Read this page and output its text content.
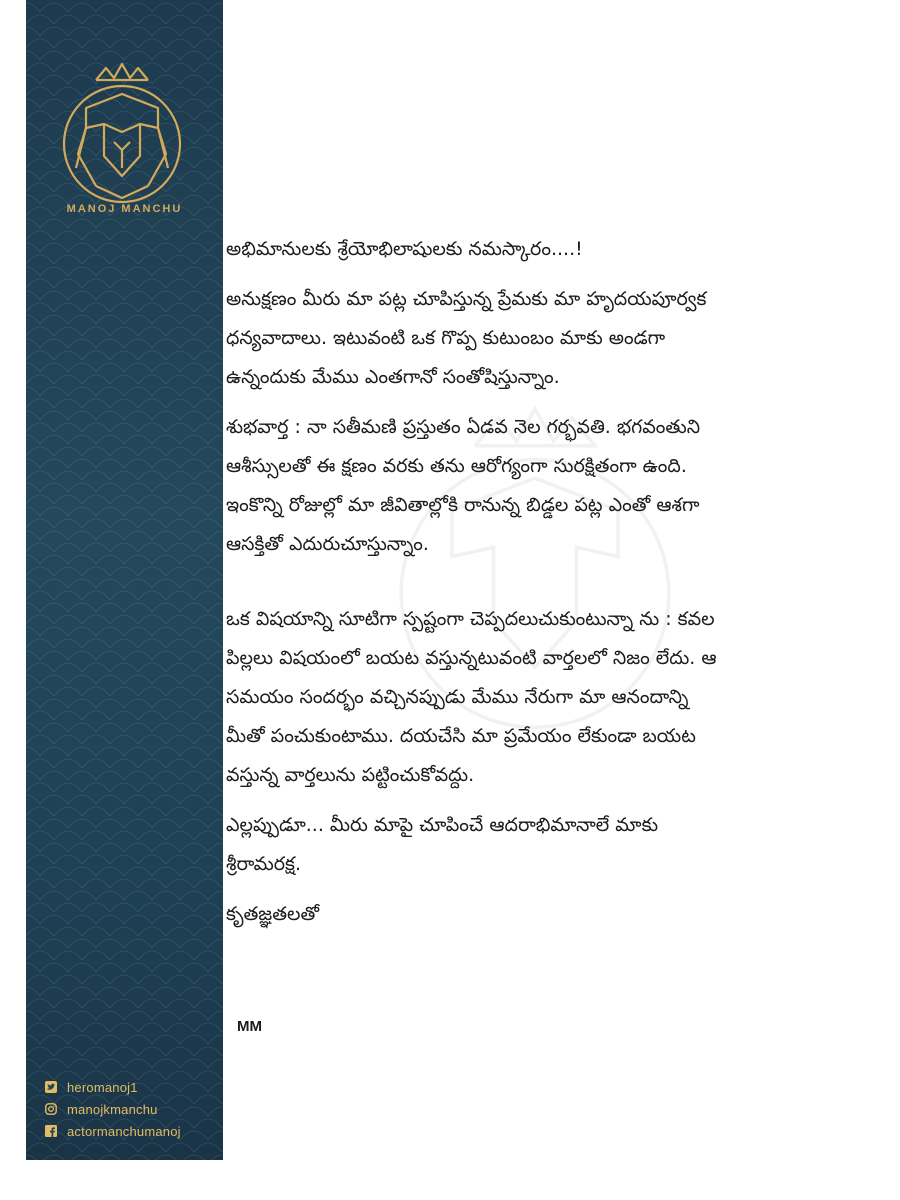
MANOJ MANCHU

అభిమానులకు శ్రేయోభిలాషులకు నమస్కారం....!

అనుక్షణం మీరు మా పట్ల చూపిస్తున్న ప్రేమకు మా హృదయపూర్వక

ధన్యవాదాలు. ఇటువంటి ఒక గొప్ప కుటుంబం మాకు అండగా

ఉన్నందుకు మేము ఎంతగానో సంతోషిస్తున్నాం.

శుభవార్త : నా సతీమణి ప్రస్తుతం ఏడవ నెల గర్భవతి. భగవంతుని

ఆశీస్సులతో ఈ క్షణం వరకు తను ఆరోగ్యంగా సురక్షితంగా ఉంది.

ఇంకొన్ని రోజుల్లో మా జీవితాల్లోకి రానున్న బిడ్డల పట్ల ఎంతో ఆశగా

ఆసక్తితో ఎదురుచూస్తున్నాం.

ఒక విషయాన్ని సూటిగా స్పష్టంగా చెప్పదలుచుకుంటున్నా ను : కవల

పిల్లలు విషయంలో బయట వస్తున్నటువంటి వార్తలలో నిజం లేదు. ఆ

సమయం సందర్భం వచ్చినప్పుడు మేము నేరుగా మా ఆనందాన్ని

మీతో పంచుకుంటాము. దయచేసి మా ప్రమేయం లేకుండా బయట

వస్తున్న వార్తలును పట్టించుకోవద్దు.

ఎల్లప్పుడూ... మీరు మాపై చూపించే ఆదరాభిమానాలే మాకు

శ్రీరామరక్ష.

కృతజ్ఞతలతో

MM
heromanoj1
manojkmanchu
actormanchumanoj
